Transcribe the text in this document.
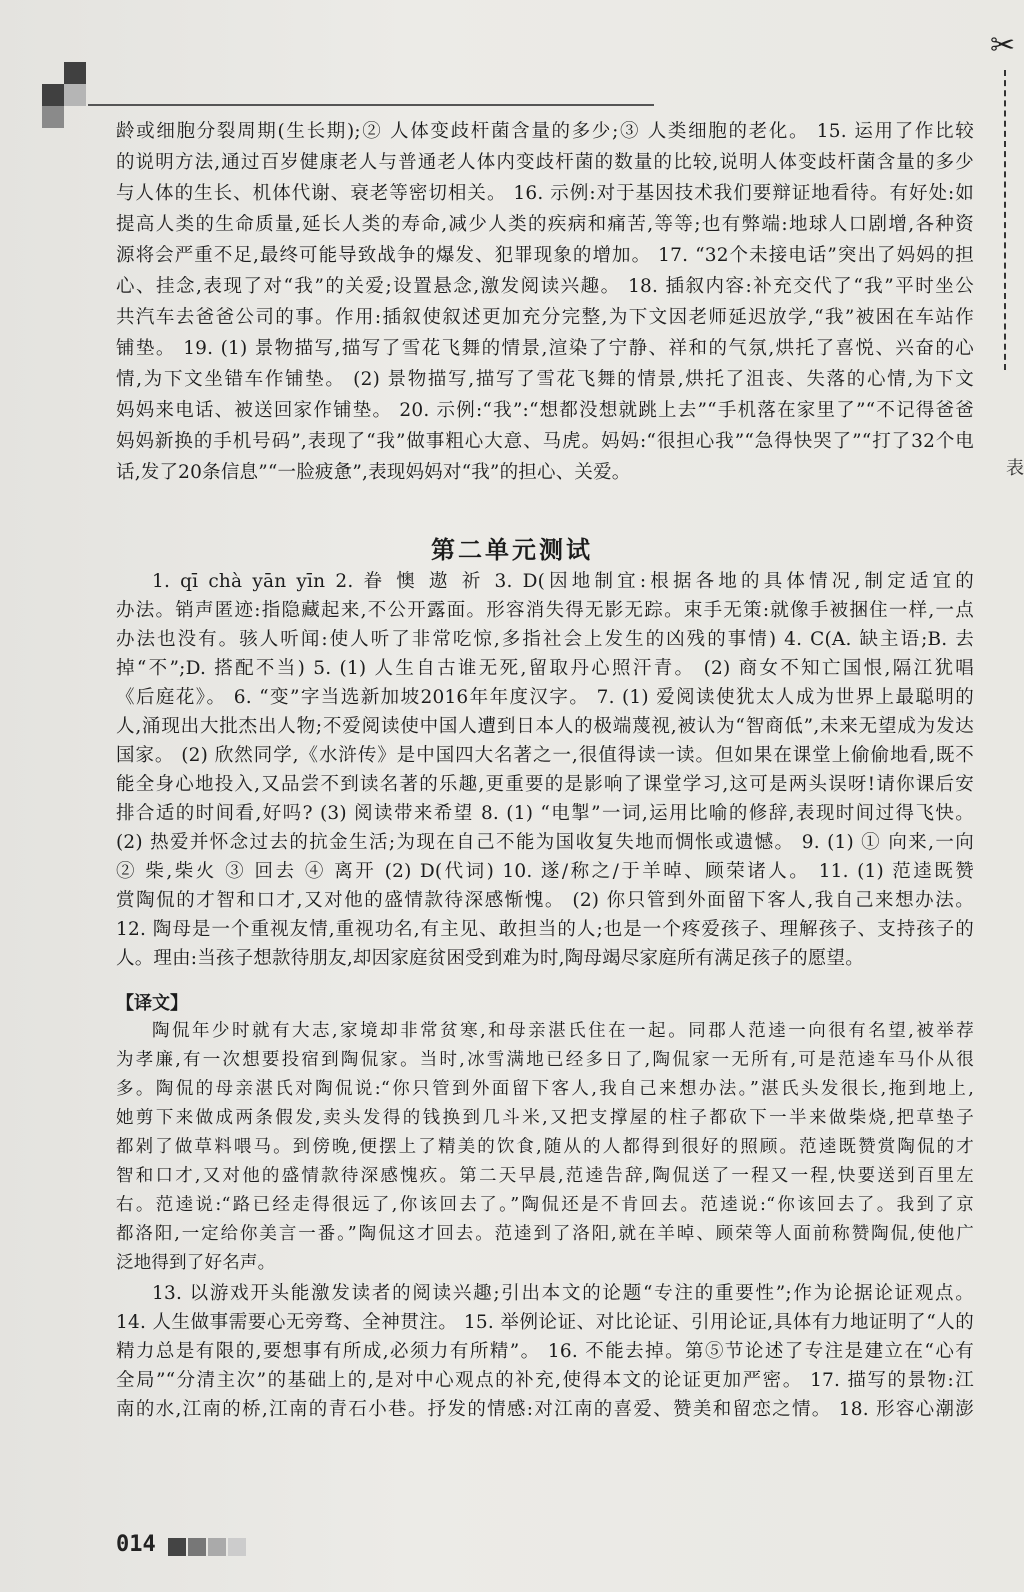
✂
表
龄或细胞分裂周期(生长期);② 人体变歧杆菌含量的多少;③ 人类细胞的老化。 15. 运用了作比较
的说明方法,通过百岁健康老人与普通老人体内变歧杆菌的数量的比较,说明人体变歧杆菌含量的多少
与人体的生长、机体代谢、衰老等密切相关。 16. 示例:对于基因技术我们要辩证地看待。有好处:如
提高人类的生命质量,延长人类的寿命,减少人类的疾病和痛苦,等等;也有弊端:地球人口剧增,各种资
源将会严重不足,最终可能导致战争的爆发、犯罪现象的增加。 17. “32个未接电话”突出了妈妈的担
心、挂念,表现了对“我”的关爱;设置悬念,激发阅读兴趣。 18. 插叙内容:补充交代了“我”平时坐公
共汽车去爸爸公司的事。作用:插叙使叙述更加充分完整,为下文因老师延迟放学,“我”被困在车站作
铺垫。 19. (1) 景物描写,描写了雪花飞舞的情景,渲染了宁静、祥和的气氛,烘托了喜悦、兴奋的心
情,为下文坐错车作铺垫。 (2) 景物描写,描写了雪花飞舞的情景,烘托了沮丧、失落的心情,为下文
妈妈来电话、被送回家作铺垫。 20. 示例:“我”:“想都没想就跳上去”“手机落在家里了”“不记得爸爸
妈妈新换的手机号码”,表现了“我”做事粗心大意、马虎。妈妈:“很担心我”“急得快哭了”“打了32个电
话,发了20条信息”“一脸疲惫”,表现妈妈对“我”的担心、关爱。
第二单元测试
1. qī chà yān yīn 2. 眷 懊 遨 祈 3. D(因地制宜:根据各地的具体情况,制定适宜的
办法。销声匿迹:指隐藏起来,不公开露面。形容消失得无影无踪。束手无策:就像手被捆住一样,一点
办法也没有。骇人听闻:使人听了非常吃惊,多指社会上发生的凶残的事情) 4. C(A. 缺主语;B. 去
掉“不”;D. 搭配不当) 5. (1) 人生自古谁无死,留取丹心照汗青。 (2) 商女不知亡国恨,隔江犹唱
《后庭花》。 6. “变”字当选新加坡2016年年度汉字。 7. (1) 爱阅读使犹太人成为世界上最聪明的
人,涌现出大批杰出人物;不爱阅读使中国人遭到日本人的极端蔑视,被认为“智商低”,未来无望成为发达
国家。 (2) 欣然同学,《水浒传》是中国四大名著之一,很值得读一读。但如果在课堂上偷偷地看,既不
能全身心地投入,又品尝不到读名著的乐趣,更重要的是影响了课堂学习,这可是两头误呀!请你课后安
排合适的时间看,好吗? (3) 阅读带来希望 8. (1) “电掣”一词,运用比喻的修辞,表现时间过得飞快。
(2) 热爱并怀念过去的抗金生活;为现在自己不能为国收复失地而惆怅或遗憾。 9. (1) ① 向来,一向
② 柴,柴火 ③ 回去 ④ 离开 (2) D(代词) 10. 遂/称之/于羊晫、顾荣诸人。 11. (1) 范逵既赞
赏陶侃的才智和口才,又对他的盛情款待深感惭愧。 (2) 你只管到外面留下客人,我自己来想办法。
12. 陶母是一个重视友情,重视功名,有主见、敢担当的人;也是一个疼爱孩子、理解孩子、支持孩子的
人。理由:当孩子想款待朋友,却因家庭贫困受到难为时,陶母竭尽家庭所有满足孩子的愿望。
【译文】
陶侃年少时就有大志,家境却非常贫寒,和母亲湛氏住在一起。同郡人范逵一向很有名望,被举荐
为孝廉,有一次想要投宿到陶侃家。当时,冰雪满地已经多日了,陶侃家一无所有,可是范逵车马仆从很
多。陶侃的母亲湛氏对陶侃说:“你只管到外面留下客人,我自己来想办法。”湛氏头发很长,拖到地上,
她剪下来做成两条假发,卖头发得的钱换到几斗米,又把支撑屋的柱子都砍下一半来做柴烧,把草垫子
都剁了做草料喂马。到傍晚,便摆上了精美的饮食,随从的人都得到很好的照顾。范逵既赞赏陶侃的才
智和口才,又对他的盛情款待深感愧疚。第二天早晨,范逵告辞,陶侃送了一程又一程,快要送到百里左
右。范逵说:“路已经走得很远了,你该回去了。”陶侃还是不肯回去。范逵说:“你该回去了。我到了京
都洛阳,一定给你美言一番。”陶侃这才回去。范逵到了洛阳,就在羊晫、顾荣等人面前称赞陶侃,使他广
泛地得到了好名声。
13. 以游戏开头能激发读者的阅读兴趣;引出本文的论题“专注的重要性”;作为论据论证观点。
14. 人生做事需要心无旁骛、全神贯注。 15. 举例论证、对比论证、引用论证,具体有力地证明了“人的
精力总是有限的,要想事有所成,必须力有所精”。 16. 不能去掉。第⑤节论述了专注是建立在“心有
全局”“分清主次”的基础上的,是对中心观点的补充,使得本文的论证更加严密。 17. 描写的景物:江
南的水,江南的桥,江南的青石小巷。抒发的情感:对江南的喜爱、赞美和留恋之情。 18. 形容心潮澎
014
